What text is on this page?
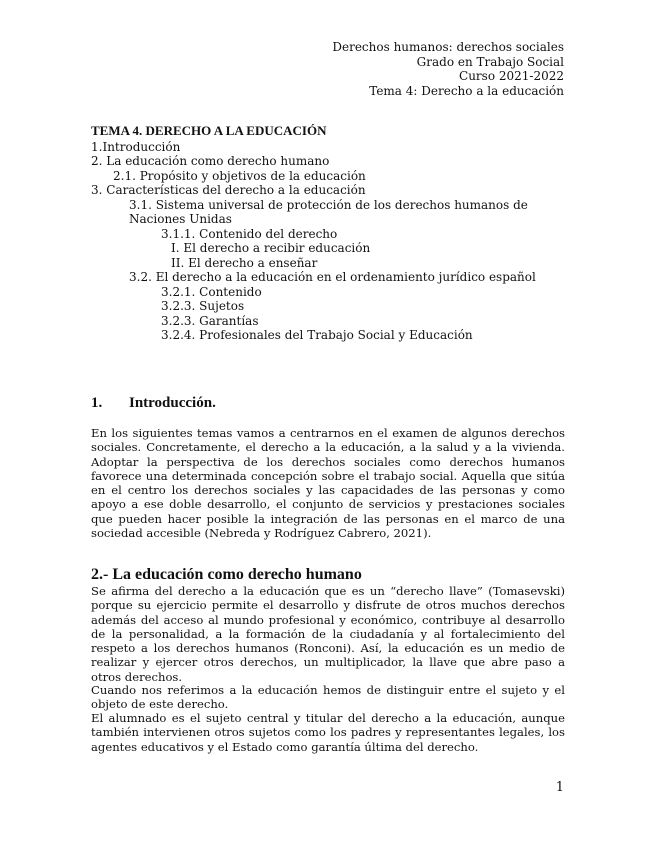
Derechos humanos: derechos sociales
Grado en Trabajo Social
Curso 2021-2022
Tema 4: Derecho a la educación
TEMA 4. DERECHO A LA EDUCACIÓN
1.Introducción
2. La educación como derecho humano
2.1. Propósito y objetivos de la educación
3. Características del derecho a la educación
3.1. Sistema universal de protección de los derechos humanos de Naciones Unidas
3.1.1. Contenido del derecho
I. El derecho a recibir educación
II. El derecho a enseñar
3.2. El derecho a la educación en el ordenamiento jurídico español
3.2.1. Contenido
3.2.3. Sujetos
3.2.3. Garantías
3.2.4. Profesionales del Trabajo Social y Educación
1. Introducción.
En los siguientes temas vamos a centrarnos en el examen de algunos derechos sociales. Concretamente, el derecho a la educación, a la salud y a la vivienda. Adoptar la perspectiva de los derechos sociales como derechos humanos favorece una determinada concepción sobre el trabajo social. Aquella que sitúa en el centro los derechos sociales y las capacidades de las personas y como apoyo a ese doble desarrollo, el conjunto de servicios y prestaciones sociales que pueden hacer posible la integración de las personas en el marco de una sociedad accesible (Nebreda y Rodríguez Cabrero, 2021).
2.- La educación como derecho humano
Se afirma del derecho a la educación que es un “derecho llave” (Tomasevski) porque su ejercicio permite el desarrollo y disfrute de otros muchos derechos además del acceso al mundo profesional y económico, contribuye al desarrollo de la personalidad, a la formación de la ciudadanía y al fortalecimiento del respeto a los derechos humanos (Ronconi). Así, la educación es un medio de realizar y ejercer otros derechos, un multiplicador, la llave que abre paso a otros derechos.
Cuando nos referimos a la educación hemos de distinguir entre el sujeto y el objeto de este derecho.
El alumnado es el sujeto central y titular del derecho a la educación, aunque también intervienen otros sujetos como los padres y representantes legales, los agentes educativos y el Estado como garantía última del derecho.
1
